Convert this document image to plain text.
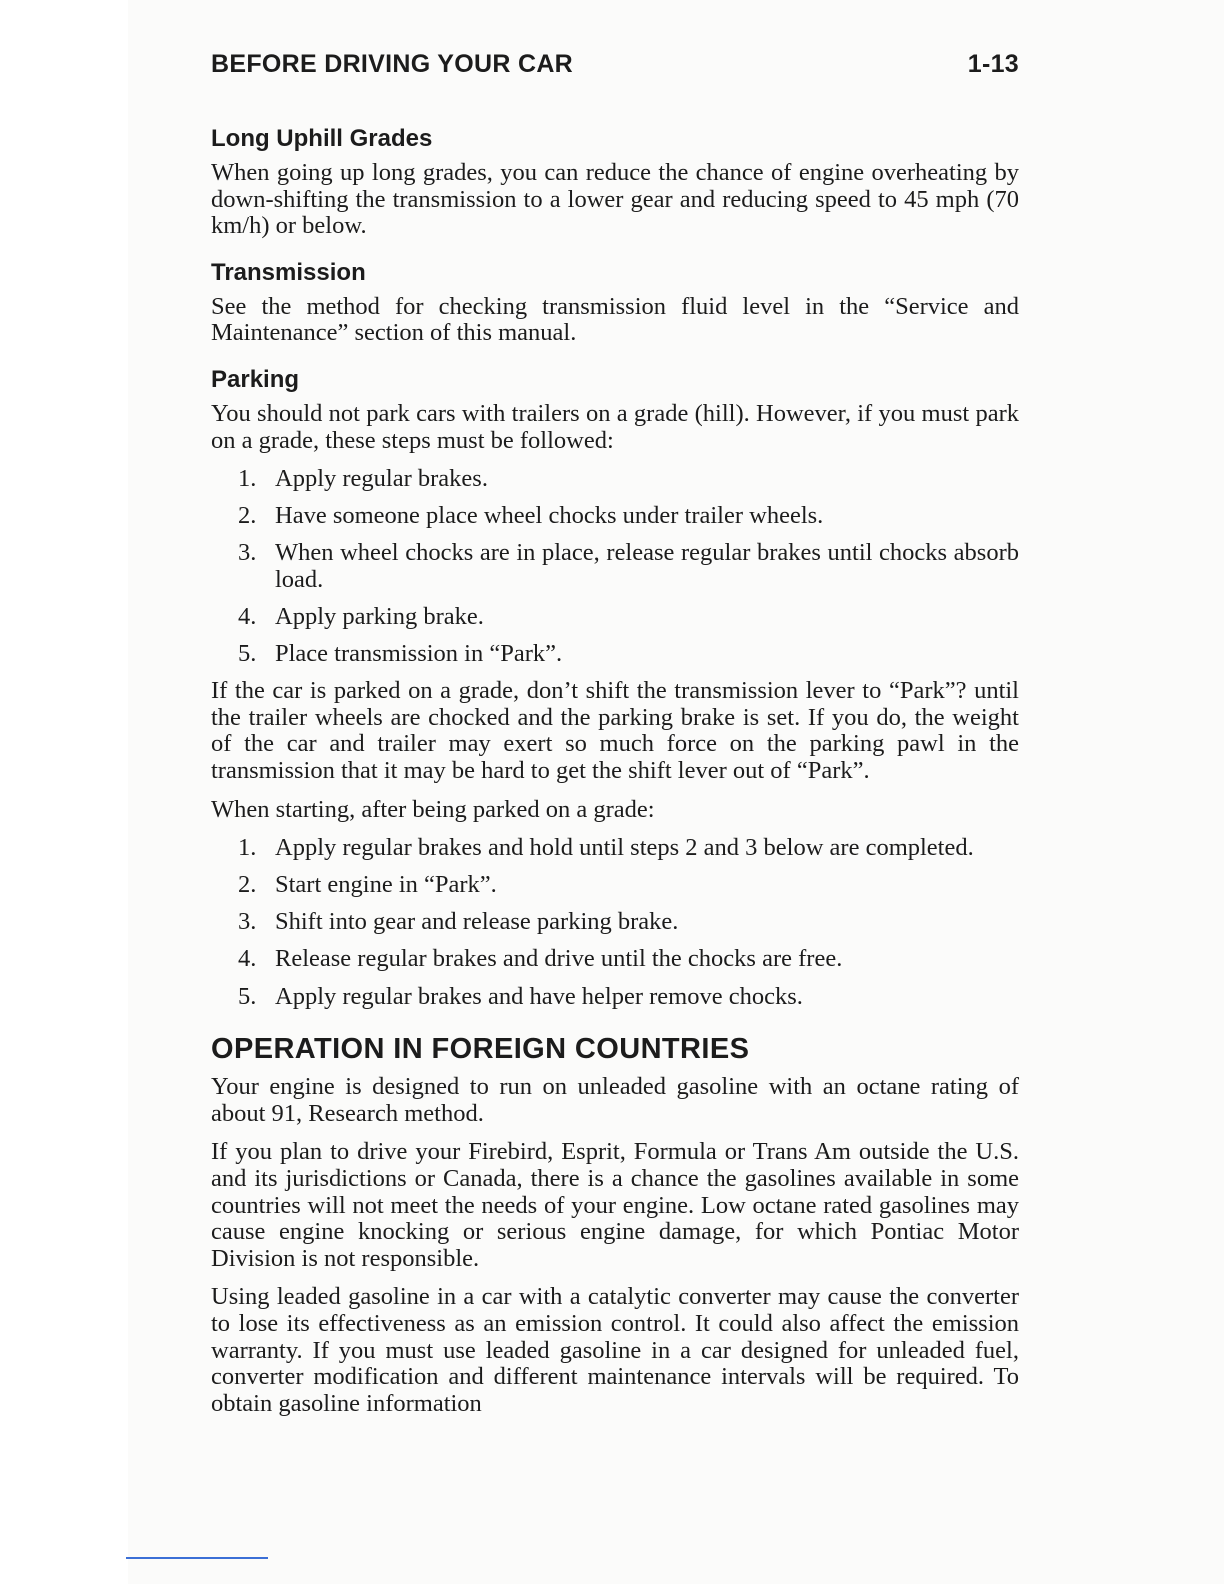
BEFORE DRIVING YOUR CAR	1-13
Long Uphill Grades

When going up long grades, you can reduce the chance of engine overheating by down-shifting the transmission to a lower gear and reducing speed to 45 mph (70 km/h) or below.

Transmission

See the method for checking transmission fluid level in the “Service and Maintenance” section of this manual.

Parking

You should not park cars with trailers on a grade (hill). However, if you must park on a grade, these steps must be followed:

1. Apply regular brakes.
2. Have someone place wheel chocks under trailer wheels.
3. When wheel chocks are in place, release regular brakes until chocks absorb load.
4. Apply parking brake.
5. Place transmission in “Park”.

If the car is parked on a grade, don’t shift the transmission lever to “Park”? until the trailer wheels are chocked and the parking brake is set. If you do, the weight of the car and trailer may exert so much force on the parking pawl in the transmission that it may be hard to get the shift lever out of “Park”.

When starting, after being parked on a grade:

1. Apply regular brakes and hold until steps 2 and 3 below are completed.
2. Start engine in “Park”.
3. Shift into gear and release parking brake.
4. Release regular brakes and drive until the chocks are free.
5. Apply regular brakes and have helper remove chocks.
OPERATION IN FOREIGN COUNTRIES

Your engine is designed to run on unleaded gasoline with an octane rating of about 91, Research method.

If you plan to drive your Firebird, Esprit, Formula or Trans Am outside the U.S. and its jurisdictions or Canada, there is a chance the gasolines available in some countries will not meet the needs of your engine. Low octane rated gasolines may cause engine knocking or serious engine damage, for which Pontiac Motor Division is not responsible.

Using leaded gasoline in a car with a catalytic converter may cause the converter to lose its effectiveness as an emission control. It could also affect the emission warranty. If you must use leaded gasoline in a car designed for unleaded fuel, converter modification and different maintenance intervals will be required. To obtain gasoline information
